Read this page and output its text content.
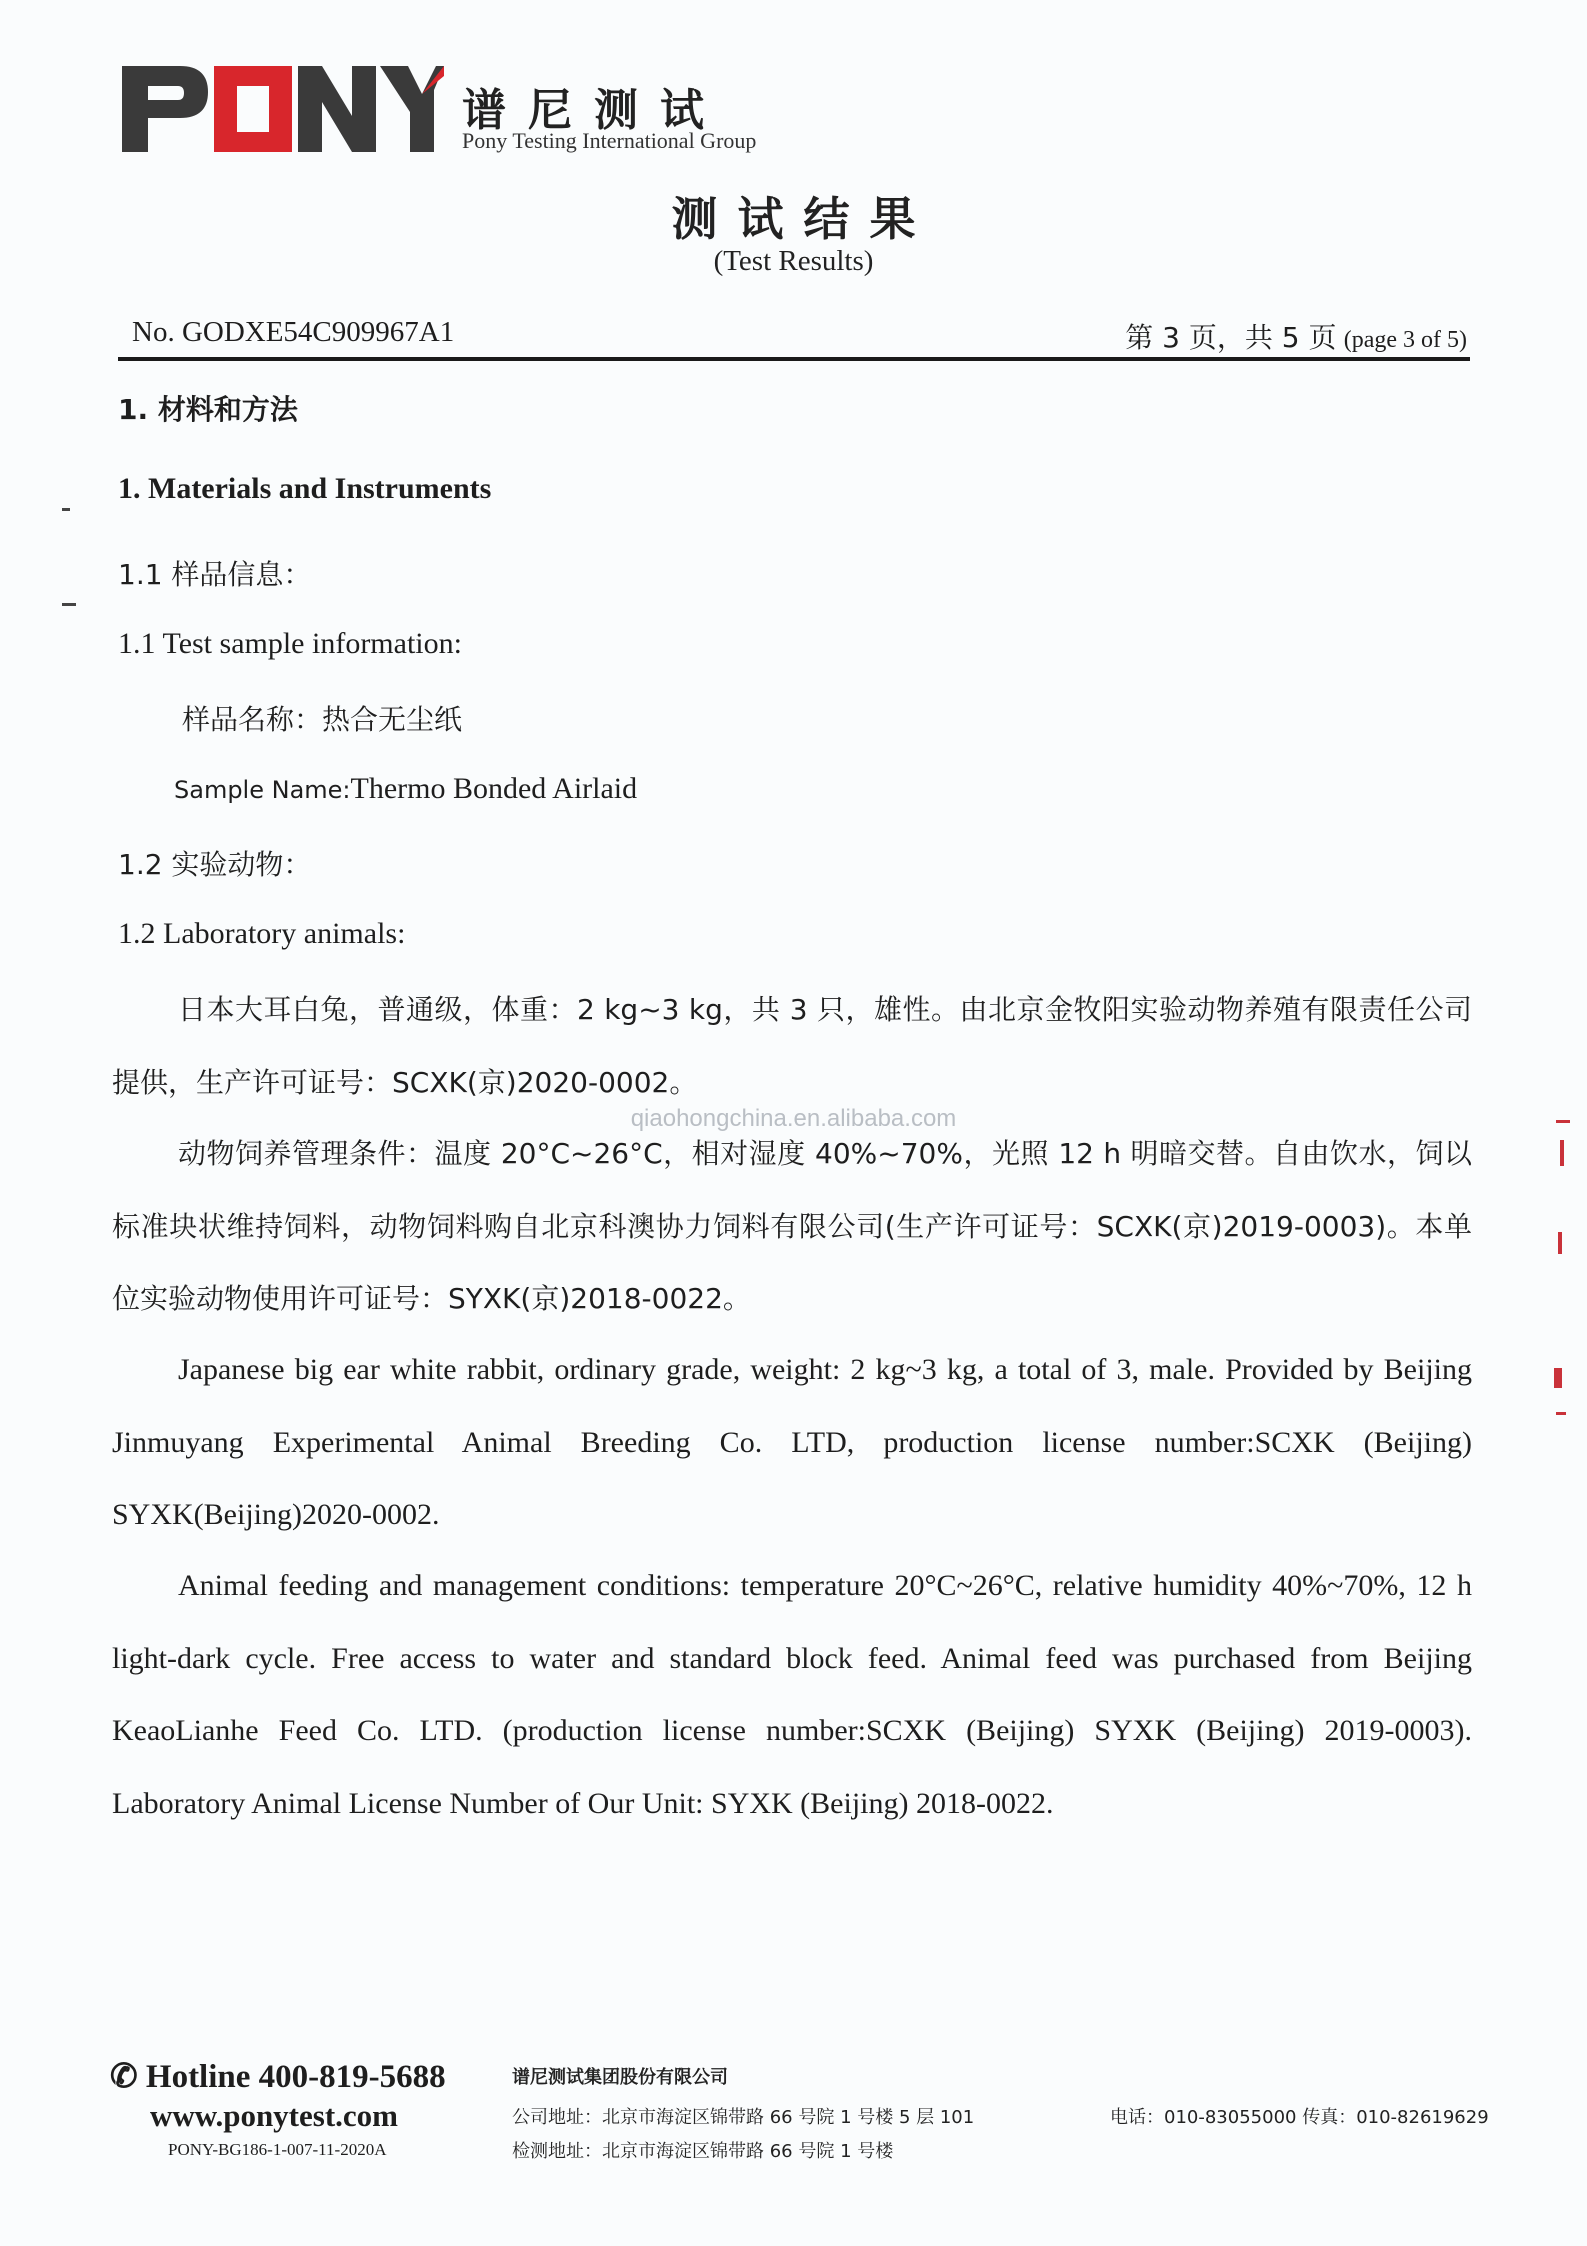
谱尼测试
Pony Testing International Group
测试结果
(Test Results)
No. GODXE54C909967A1	第 3 页，共 5 页 (page 3 of 5)
1. 材料和方法
1. Materials and Instruments
1.1 样品信息：
1.1 Test sample information:
样品名称：热合无尘纸
Sample Name:Thermo Bonded Airlaid
1.2 实验动物：
1.2 Laboratory animals:

日本大耳白兔，普通级，体重：2 kg~3 kg，共 3 只，雄性。由北京金牧阳实验动物养殖有限责任公司提供，生产许可证号：SCXK(京)2020-0002。

动物饲养管理条件：温度 20°C~26°C，相对湿度 40%~70%，光照 12 h 明暗交替。自由饮水，饲以标准块状维持饲料，动物饲料购自北京科澳协力饲料有限公司(生产许可证号：SCXK(京)2019-0003)。本单位实验动物使用许可证号：SYXK(京)2018-0022。

Japanese big ear white rabbit, ordinary grade, weight: 2 kg~3 kg, a total of 3, male. Provided by Beijing Jinmuyang Experimental Animal Breeding Co. LTD, production license number:SCXK (Beijing) SYXK(Beijing)2020-0002.

Animal feeding and management conditions: temperature 20°C~26°C, relative humidity 40%~70%, 12 h light-dark cycle. Free access to water and standard block feed. Animal feed was purchased from Beijing KeaoLianhe Feed Co. LTD. (production license number:SCXK (Beijing) SYXK (Beijing) 2019-0003). Laboratory Animal License Number of Our Unit: SYXK (Beijing) 2018-0022.

qiaohongchina.en.alibaba.com
✆ Hotline 400-819-5688
www.ponytest.com
PONY-BG186-1-007-11-2020A
谱尼测试集团股份有限公司
公司地址：北京市海淀区锦带路 66 号院 1 号楼 5 层 101
检测地址：北京市海淀区锦带路 66 号院 1 号楼
电话：010-83055000 传真：010-82619629
